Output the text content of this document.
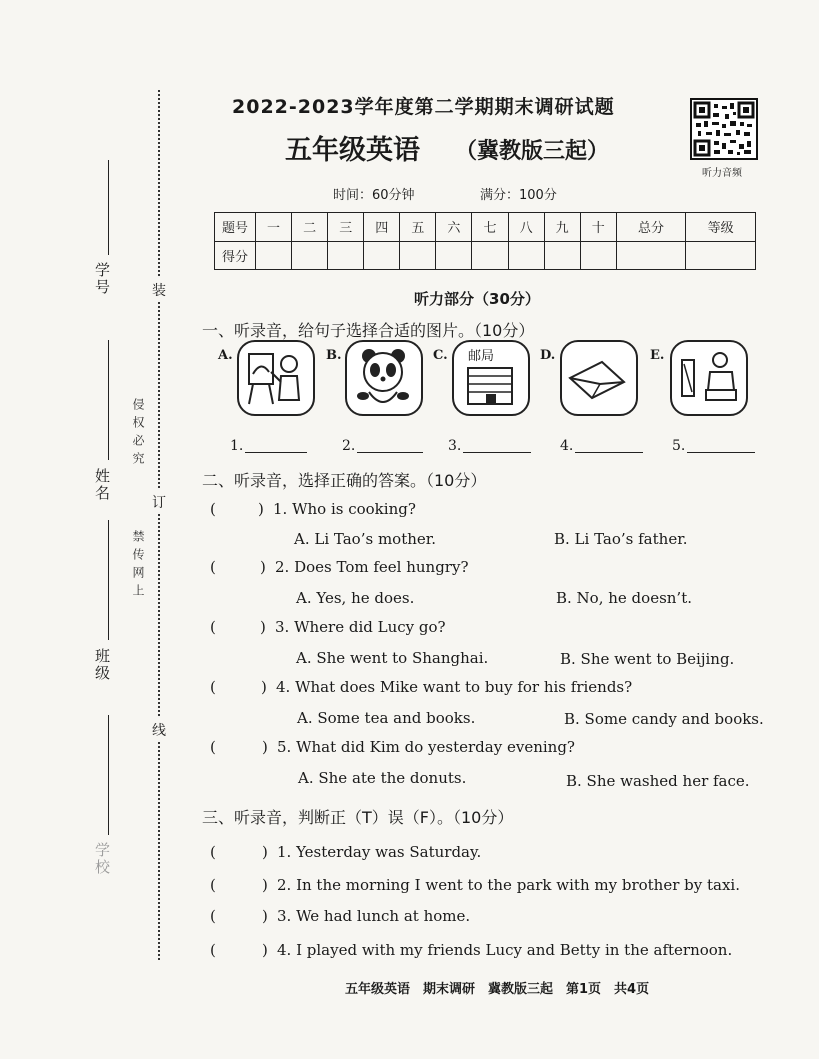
装
订
线
学号
姓名
侵权必究
班级
禁传网上
学校
2022-2023学年度第二学期期末调研试题
五年级英语 （冀教版三起）
时间：60分钟	满分：100分
听力音频
题号	一	二	三	四	五	六	七	八	九	十	总分	等级
得分												
听力部分（30分）
一、听录音，给句子选择合适的图片。（10分）
A.	B.	C. 邮局	D.	E.
1.	2.	3.	4.	5.
二、听录音，选择正确的答案。（10分）
(	) 1. Who is cooking?
A. Li Tao’s mother.	B. Li Tao’s father.
(	) 2. Does Tom feel hungry?
A. Yes, he does.	B. No, he doesn’t.
(	) 3. Where did Lucy go?
A. She went to Shanghai.	B. She went to Beijing.
(	) 4. What does Mike want to buy for his friends?
A. Some tea and books.	B. Some candy and books.
(	) 5. What did Kim do yesterday evening?
A. She ate the donuts.	B. She washed her face.
三、听录音，判断正（T）误（F）。（10分）
(	) 1. Yesterday was Saturday.
(	) 2. In the morning I went to the park with my brother by taxi.
(	) 3. We had lunch at home.
(	) 4. I played with my friends Lucy and Betty in the afternoon.
五年级英语　期末调研　冀教版三起　第1页　共4页
